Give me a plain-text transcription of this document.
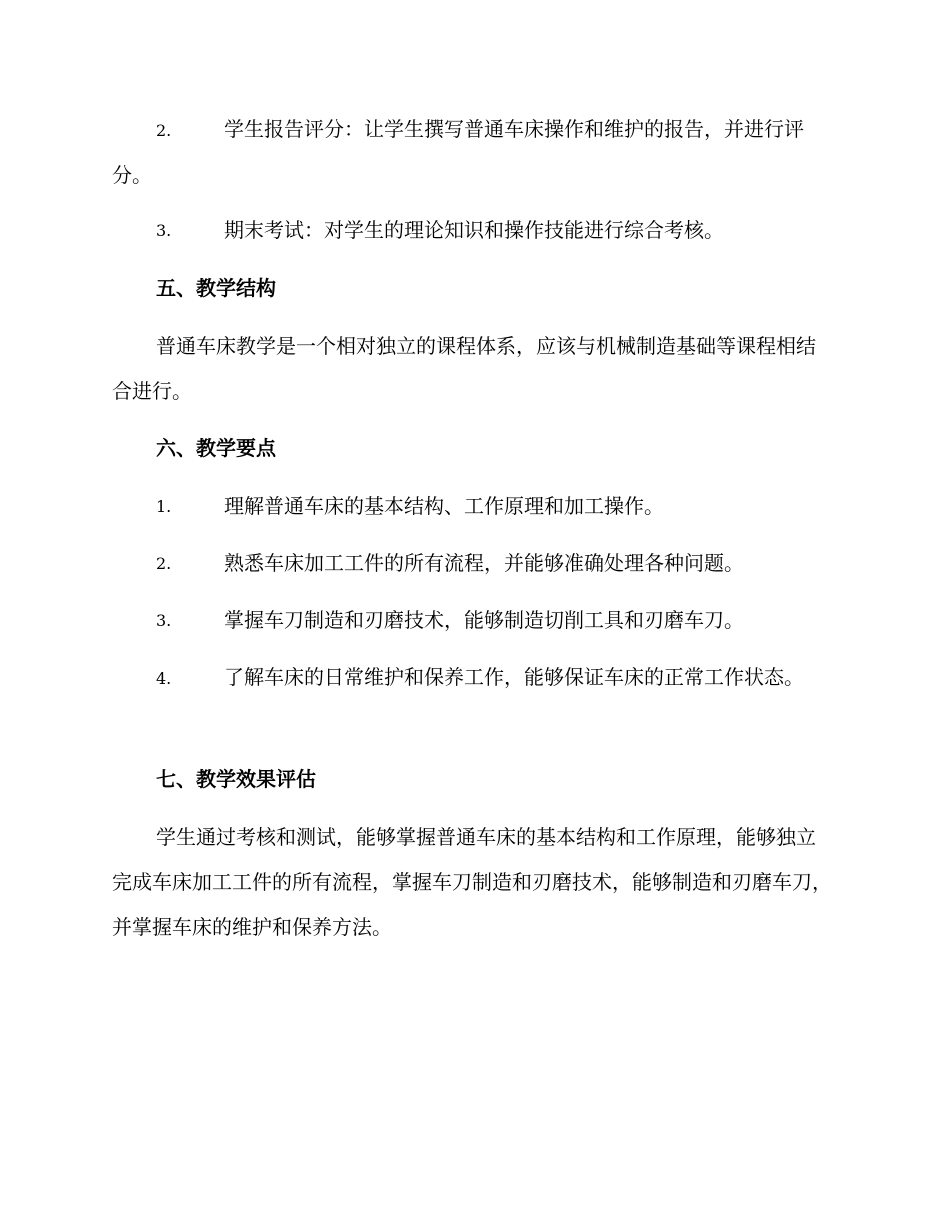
3.	期末考试：对学生的理论知识和操作技能进行综合考核。
五、教学结构
普通车床教学是一个相对独立的课程体系，应该与机械制造基础等课程相结合进行。
六、教学要点
1.	理解普通车床的基本结构、工作原理和加工操作。
2.	熟悉车床加工工件的所有流程，并能够准确处理各种问题。
3.	掌握车刀制造和刃磨技术，能够制造切削工具和刃磨车刀。
4.	了解车床的日常维护和保养工作，能够保证车床的正常工作状态。
七、教学效果评估
学生通过考核和测试，能够掌握普通车床的基本结构和工作原理，能够独立完成车床加工工件的所有流程，掌握车刀制造和刃磨技术，能够制造和刃磨车刀，并掌握车床的维护和保养方法。
2.	学生报告评分：让学生撰写普通车床操作和维护的报告，并进行评分。
